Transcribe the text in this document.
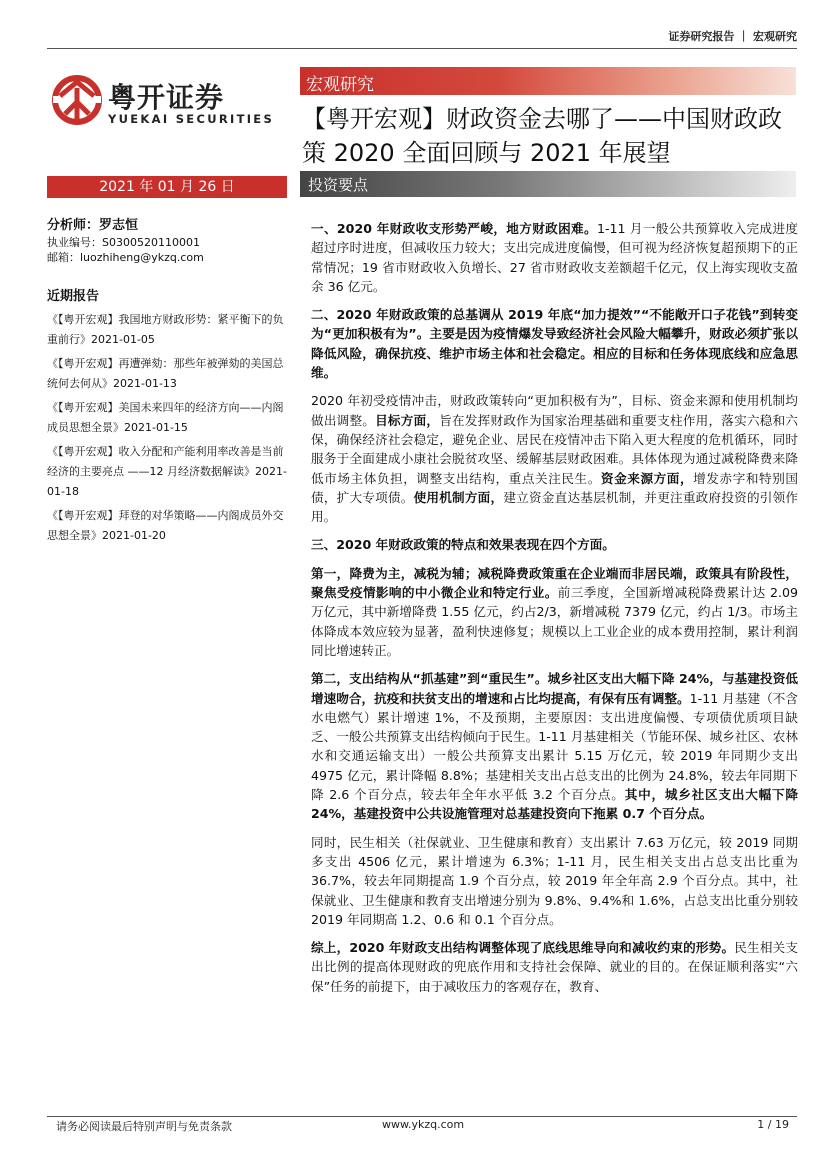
证券研究报告 ｜ 宏观研究
粤开证券
YUEKAI SECURITIES
宏观研究
【粤开宏观】财政资金去哪了——中国财政政策 2020 全面回顾与 2021 年展望
2021 年 01 月 26 日	投资要点
分析师：罗志恒
执业编号：S0300520110001
邮箱：luozhiheng@ykzq.com
近期报告
《【粤开宏观】我国地方财政形势：紧平衡下的负重前行》2021-01-05
《【粤开宏观】再遭弹劾：那些年被弹劾的美国总统何去何从》2021-01-13
《【粤开宏观】美国未来四年的经济方向——内阁成员思想全景》2021-01-15
《【粤开宏观】收入分配和产能利用率改善是当前经济的主要亮点 ——12 月经济数据解读》2021-01-18
《【粤开宏观】拜登的对华策略——内阁成员外交思想全景》2021-01-20

一、2020 年财政收支形势严峻，地方财政困难。1-11 月一般公共预算收入完成进度超过序时进度，但减收压力较大；支出完成进度偏慢，但可视为经济恢复超预期下的正常情况；19 省市财政收入负增长、27 省市财政收支差额超千亿元，仅上海实现收支盈余 36 亿元。

二、2020 年财政政策的总基调从 2019 年底“加力提效”“不能敞开口子花钱”到转变为“更加积极有为”。主要是因为疫情爆发导致经济社会风险大幅攀升，财政必须扩张以降低风险，确保抗疫、维护市场主体和社会稳定。相应的目标和任务体现底线和应急思维。

2020 年初受疫情冲击，财政政策转向“更加积极有为”，目标、资金来源和使用机制均做出调整。目标方面，旨在发挥财政作为国家治理基础和重要支柱作用，落实六稳和六保，确保经济社会稳定，避免企业、居民在疫情冲击下陷入更大程度的危机循环，同时服务于全面建成小康社会脱贫攻坚、缓解基层财政困难。具体体现为通过减税降费来降低市场主体负担，调整支出结构，重点关注民生。资金来源方面，增发赤字和特别国债，扩大专项债。使用机制方面，建立资金直达基层机制，并更注重政府投资的引领作用。

三、2020 年财政政策的特点和效果表现在四个方面。

第一，降费为主，减税为辅；减税降费政策重在企业端而非居民端，政策具有阶段性，聚焦受疫情影响的中小微企业和特定行业。前三季度，全国新增减税降费累计达 2.09 万亿元，其中新增降费 1.55 亿元，约占2/3，新增减税 7379 亿元，约占 1/3。市场主体降成本效应较为显著，盈利快速修复；规模以上工业企业的成本费用控制，累计利润同比增速转正。

第二，支出结构从“抓基建”到“重民生”。城乡社区支出大幅下降 24%，与基建投资低增速吻合，抗疫和扶贫支出的增速和占比均提高，有保有压有调整。1-11 月基建（不含水电燃气）累计增速 1%，不及预期，主要原因：支出进度偏慢、专项债优质项目缺乏、一般公共预算支出结构倾向于民生。1-11 月基建相关（节能环保、城乡社区、农林水和交通运输支出）一般公共预算支出累计 5.15 万亿元，较 2019 年同期少支出 4975 亿元，累计降幅 8.8%；基建相关支出占总支出的比例为 24.8%，较去年同期下降 2.6 个百分点，较去年全年水平低 3.2 个百分点。其中，城乡社区支出大幅下降 24%，基建投资中公共设施管理对总基建投资向下拖累 0.7 个百分点。

同时，民生相关（社保就业、卫生健康和教育）支出累计 7.63 万亿元，较 2019 同期多支出 4506 亿元，累计增速为 6.3%；1-11 月，民生相关支出占总支出比重为 36.7%，较去年同期提高 1.9 个百分点，较 2019 年全年高 2.9 个百分点。其中，社保就业、卫生健康和教育支出增速分别为 9.8%、9.4%和 1.6%，占总支出比重分别较 2019 年同期高 1.2、0.6 和 0.1 个百分点。

综上，2020 年财政支出结构调整体现了底线思维导向和减收约束的形势。民生相关支出比例的提高体现财政的兜底作用和支持社会保障、就业的目的。在保证顺利落实“六保”任务的前提下，由于减收压力的客观存在，教育、

请务必阅读最后特别声明与免责条款	www.ykzq.com	1 / 19
